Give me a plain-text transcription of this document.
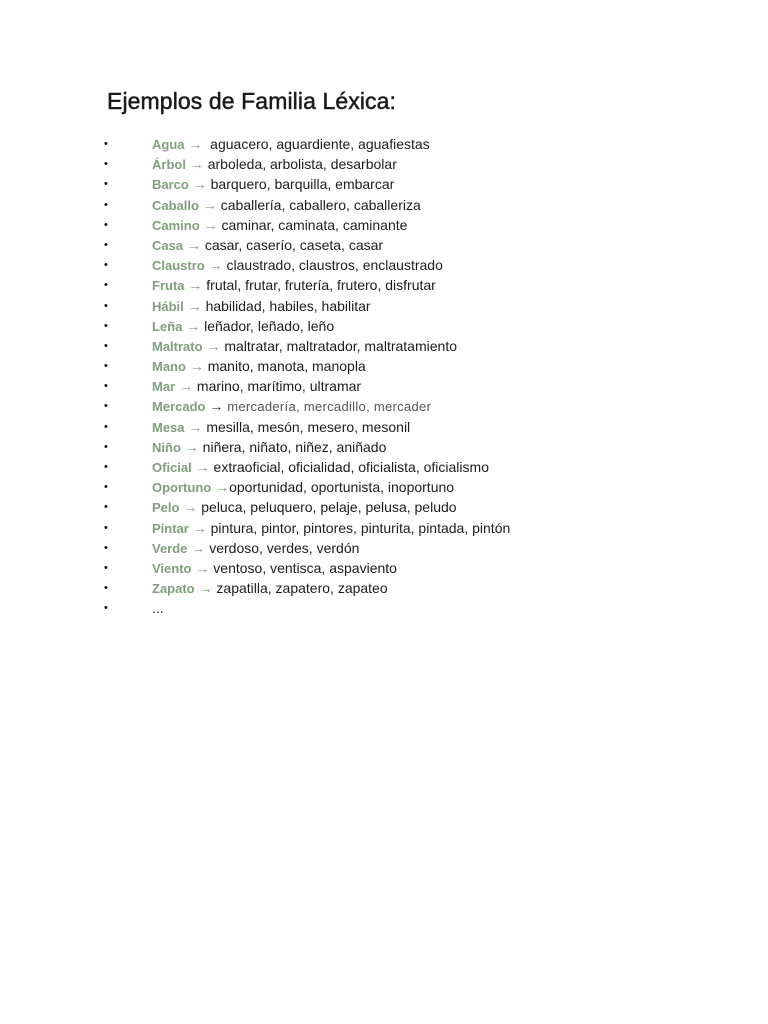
Ejemplos de Familia Léxica:
•	Agua →  aguacero, aguardiente, aguafiestas
•	Árbol → arboleda, arbolista, desarbolar
•	Barco → barquero, barquilla, embarcar
•	Caballo → caballería, caballero, caballeriza
•	Camino → caminar, caminata, caminante
•	Casa → casar, caserío, caseta, casar
•	Claustro → claustrado, claustros, enclaustrado
•	Fruta → frutal, frutar, frutería, frutero, disfrutar
•	Hábil → habilidad, habiles, habilitar
•	Leña → leñador, leñado, leño
•	Maltrato → maltratar, maltratador, maltratamiento
•	Mano → manito, manota, manopla
•	Mar → marino, marítimo, ultramar
•	Mercado → mercadería, mercadillo, mercader
•	Mesa → mesilla, mesón, mesero, mesonil
•	Niño → niñera, niñato, niñez, aniñado
•	Oficial → extraoficial, oficialidad, oficialista, oficialismo
•	Oportuno →oportunidad, oportunista, inoportuno
•	Pelo → peluca, peluquero, pelaje, pelusa, peludo
•	Pintar → pintura, pintor, pintores, pinturita, pintada, pintón
•	Verde → verdoso, verdes, verdón
•	Viento → ventoso, ventisca, aspaviento
•	Zapato → zapatilla, zapatero, zapateo
•	...
